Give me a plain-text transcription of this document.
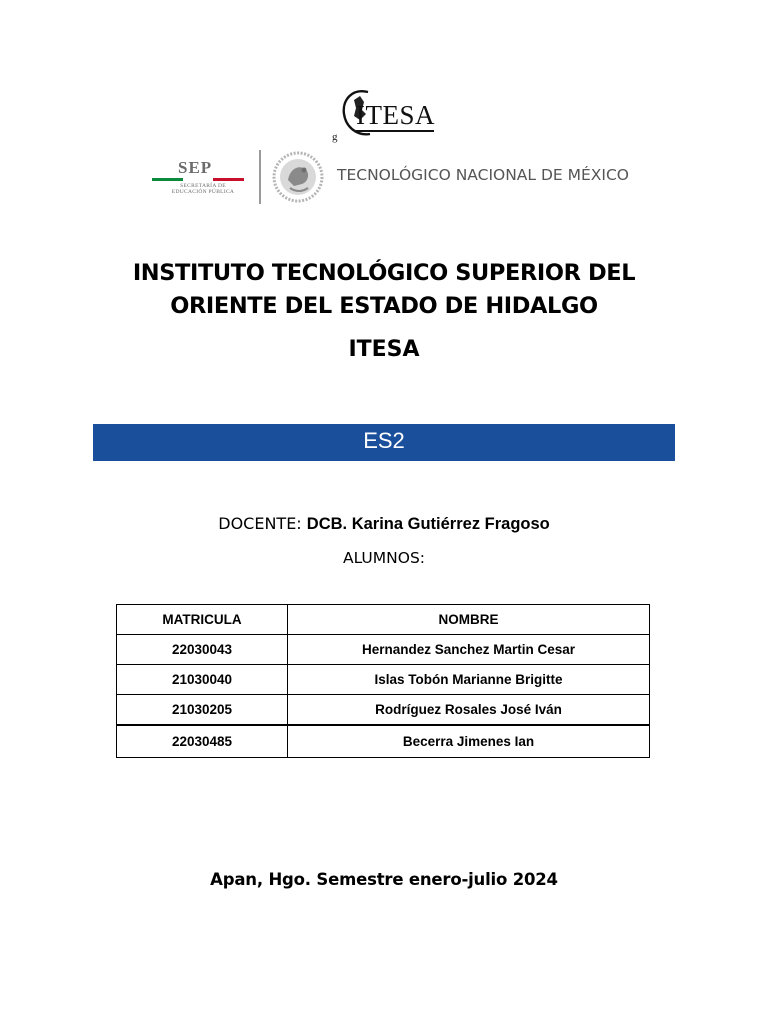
g
ITESA
SEP
SECRETARÍA DE
EDUCACIÓN PÚBLICA
TECNOLÓGICO NACIONAL DE MÉXICO
INSTITUTO TECNOLÓGICO SUPERIOR DEL
ORIENTE DEL ESTADO DE HIDALGO
ITESA
ES2
DOCENTE: DCB. Karina Gutiérrez Fragoso
ALUMNOS:
MATRICULA	NOMBRE
22030043	Hernandez Sanchez Martin Cesar
21030040	Islas Tobón Marianne Brigitte
21030205	Rodríguez Rosales José Iván
22030485	Becerra Jimenes Ian
Apan, Hgo. Semestre enero-julio 2024
